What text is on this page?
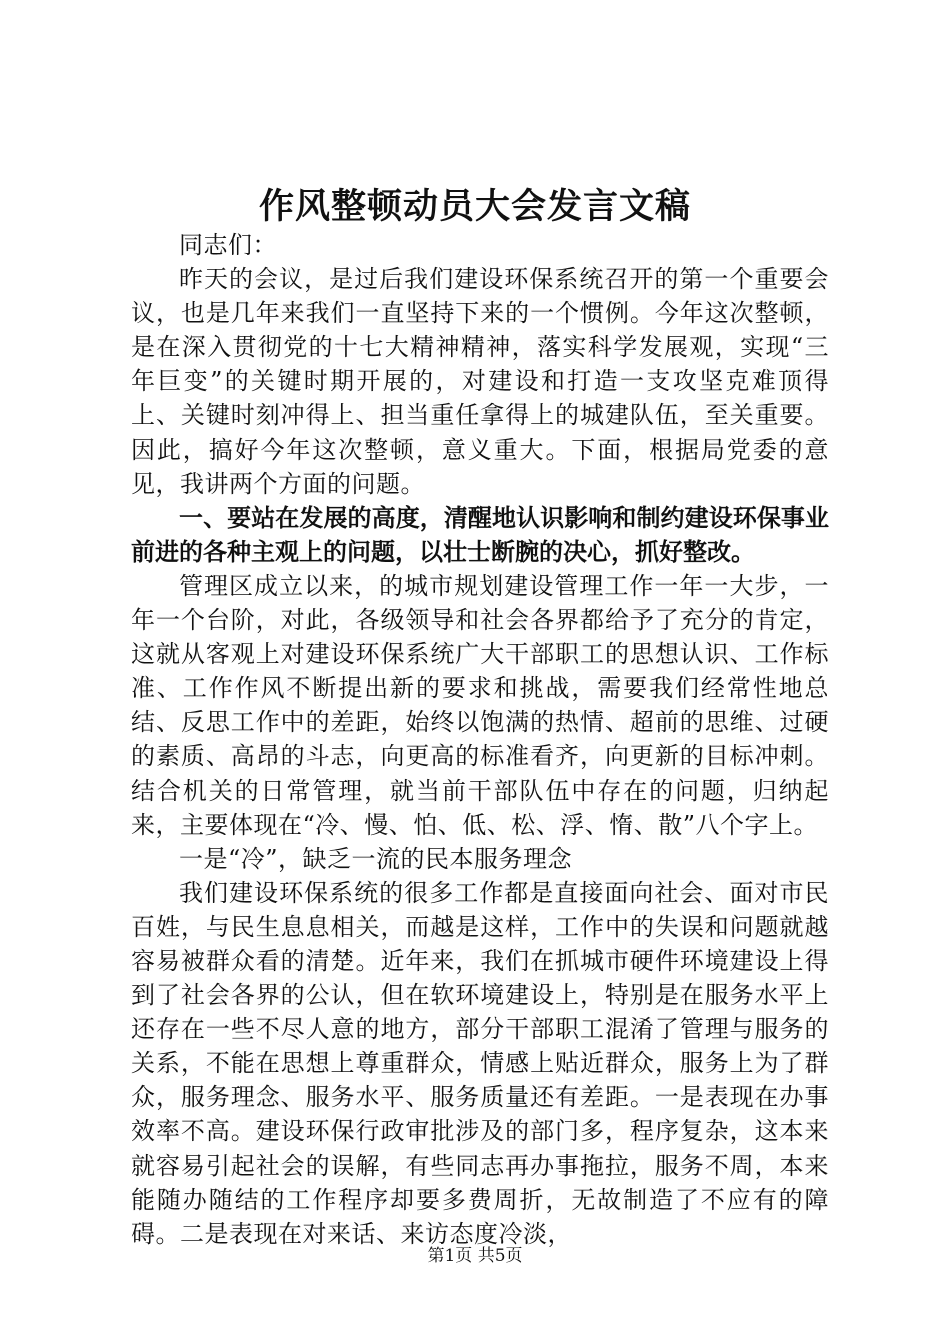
作风整顿动员大会发言文稿

同志们：

昨天的会议，是过后我们建设环保系统召开的第一个重要会议，也是几年来我们一直坚持下来的一个惯例。今年这次整顿，是在深入贯彻党的十七大精神精神，落实科学发展观，实现“三年巨变”的关键时期开展的，对建设和打造一支攻坚克难顶得上、关键时刻冲得上、担当重任拿得上的城建队伍，至关重要。因此，搞好今年这次整顿，意义重大。下面，根据局党委的意见，我讲两个方面的问题。

一、要站在发展的高度，清醒地认识影响和制约建设环保事业前进的各种主观上的问题，以壮士断腕的决心，抓好整改。

管理区成立以来，的城市规划建设管理工作一年一大步，一年一个台阶，对此，各级领导和社会各界都给予了充分的肯定，这就从客观上对建设环保系统广大干部职工的思想认识、工作标准、工作作风不断提出新的要求和挑战，需要我们经常性地总结、反思工作中的差距，始终以饱满的热情、超前的思维、过硬的素质、高昂的斗志，向更高的标准看齐，向更新的目标冲刺。结合机关的日常管理，就当前干部队伍中存在的问题，归纳起来，主要体现在“冷、慢、怕、低、松、浮、惰、散”八个字上。

一是“冷”，缺乏一流的民本服务理念

我们建设环保系统的很多工作都是直接面向社会、面对市民百姓，与民生息息相关，而越是这样，工作中的失误和问题就越容易被群众看的清楚。近年来，我们在抓城市硬件环境建设上得到了社会各界的公认，但在软环境建设上，特别是在服务水平上还存在一些不尽人意的地方，部分干部职工混淆了管理与服务的关系，不能在思想上尊重群众，情感上贴近群众，服务上为了群众，服务理念、服务水平、服务质量还有差距。一是表现在办事效率不高。建设环保行政审批涉及的部门多，程序复杂，这本来就容易引起社会的误解，有些同志再办事拖拉，服务不周，本来能随办随结的工作程序却要多费周折，无故制造了不应有的障碍。二是表现在对来话、来访态度冷淡，

第1页 共5页
